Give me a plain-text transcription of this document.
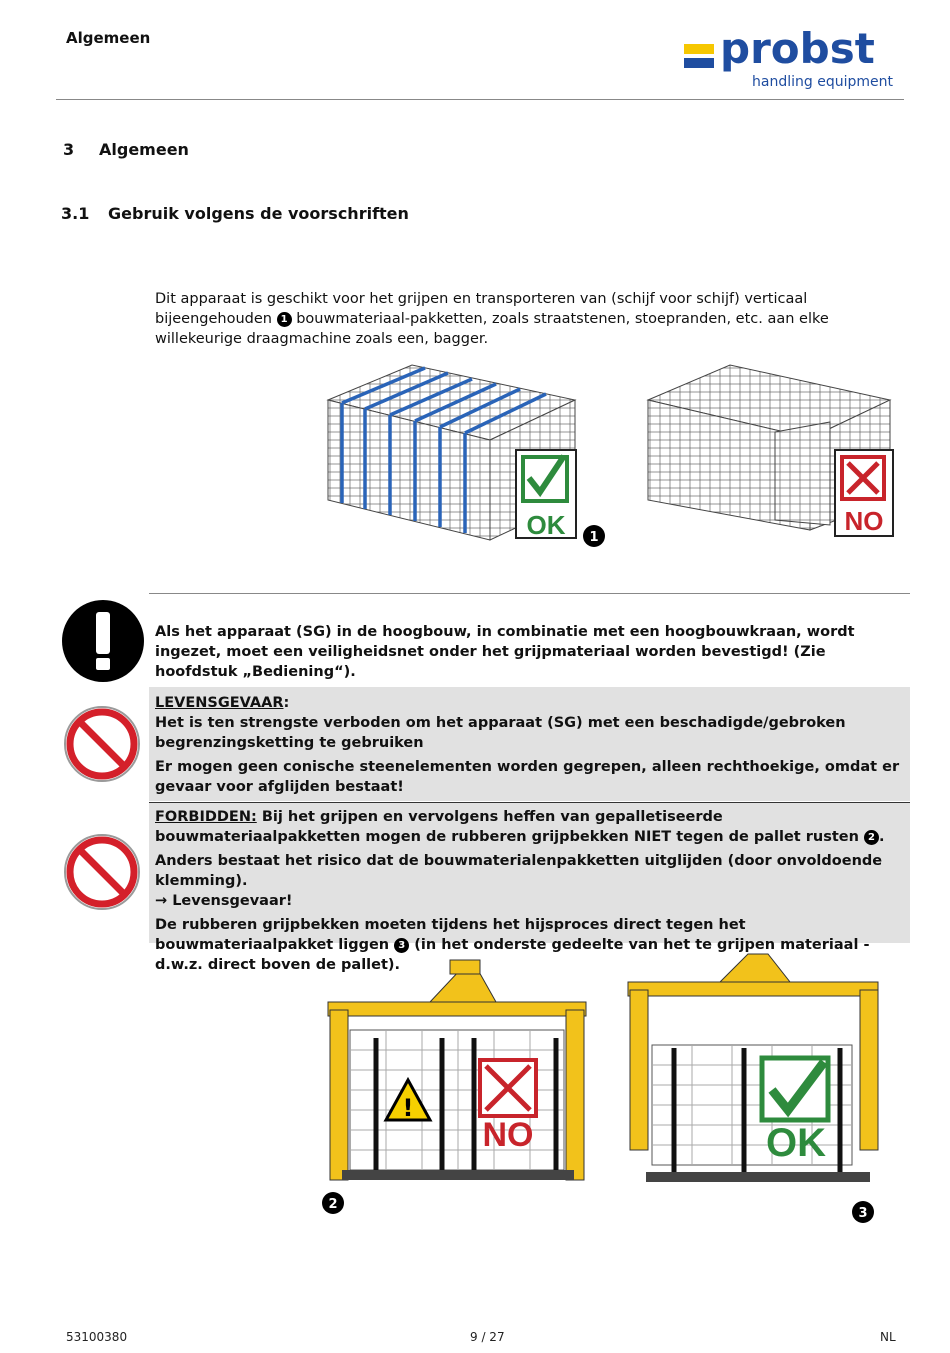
Algemeen	probst
handling equipment
3 Algemeen
3.1 Gebruik volgens de voorschriften
Dit apparaat is geschikt voor het grijpen en transporteren van (schijf voor schijf) verticaal bijeengehouden 1 bouwmateriaal-pakketten, zoals straatstenen, stoepranden, etc. aan elke willekeurige draagmachine zoals een, bagger.
OK 1
NO
Als het apparaat (SG) in de hoogbouw, in combinatie met een hoogbouwkraan, wordt ingezet, moet een veiligheidsnet onder het grijpmateriaal worden bevestigd! (Zie hoofdstuk „Bediening“).

LEVENSGEVAAR:
Het is ten strengste verboden om het apparaat (SG) met een beschadigde/gebroken begrenzingsketting te gebruiken

Er mogen geen conische steenelementen worden gegrepen, alleen rechthoekige, omdat er gevaar voor afglijden bestaat!

FORBIDDEN: Bij het grijpen en vervolgens heffen van gepalletiseerde bouwmateriaalpakketten mogen de rubberen grijpbekken NIET tegen de pallet rusten 2 .

Anders bestaat het risico dat de bouwmaterialenpakketten uitglijden (door onvoldoende klemming).
→ Levensgevaar!

De rubberen grijpbekken moeten tijdens het hijsproces direct tegen het bouwmateriaalpakket liggen 3 (in het onderste gedeelte van het te grijpen materiaal - d.w.z. direct boven de pallet).

!
NO
2
OK
3
53100380	9 / 27	NL
